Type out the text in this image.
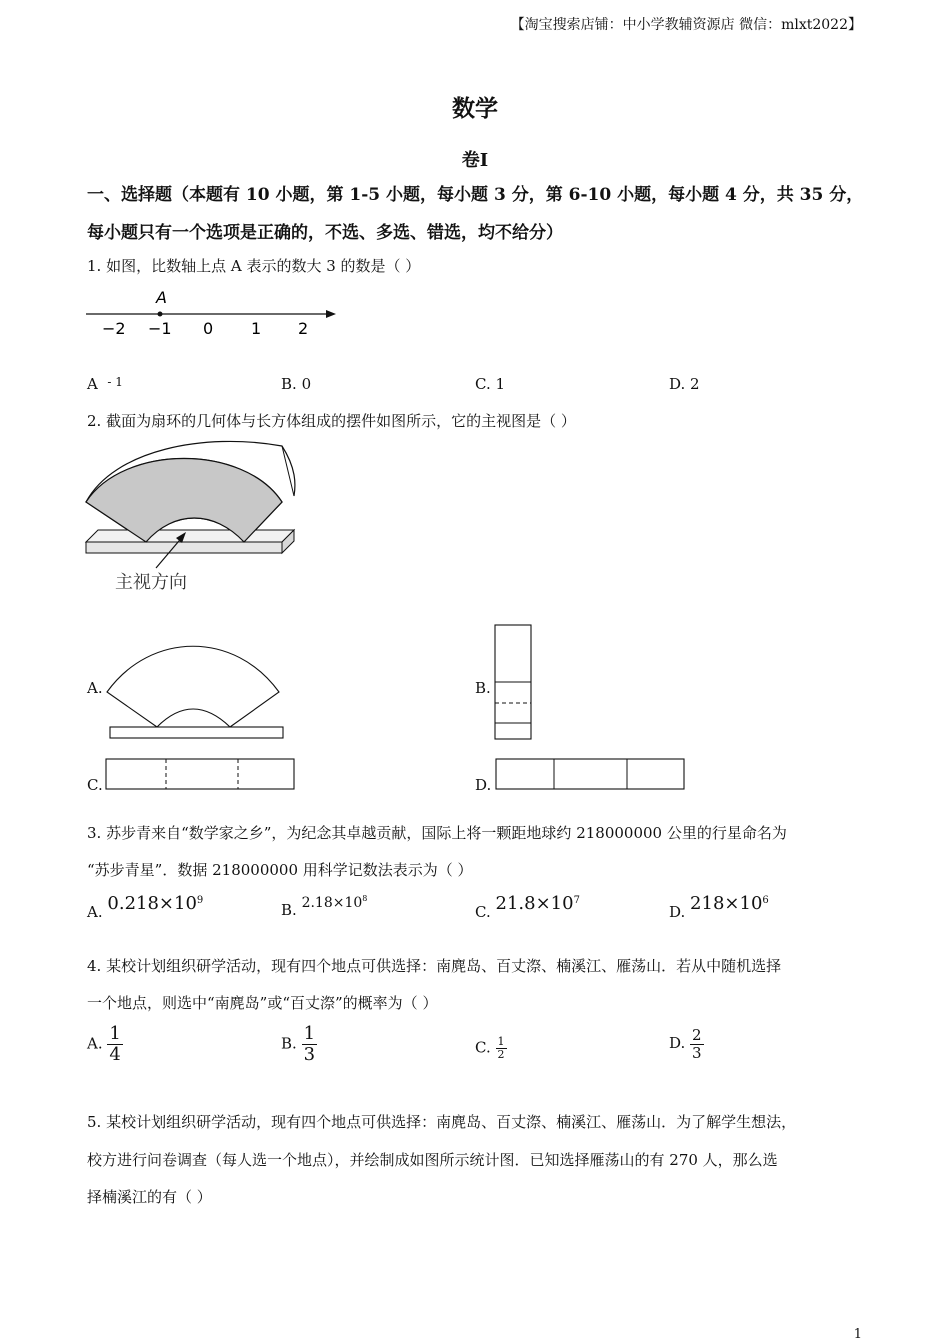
【淘宝搜索店铺：中小学教辅资源店 微信：mlxt2022】
数学
卷Ⅰ
一、选择题（本题有 10 小题，第 1-5 小题，每小题 3 分，第 6-10 小题，每小题 4 分，共 35 分，
每小题只有一个选项是正确的，不选、多选、错选，均不给分）
1. 如图，比数轴上点 A 表示的数大 3 的数是（ ）
A
−2 −1 0 1 2
A $^{- 1}$	B. 0	C. 1	D. 2
2. 截面为扇环的几何体与长方体组成的摆件如图所示，它的主视图是（ ）
主视方向
A.	B.
C.	D.
3. 苏步青来自“数学家之乡”，为纪念其卓越贡献，国际上将一颗距地球约 218000000 公里的行星命名为
“苏步青星”．数据 218000000 用科学记数法表示为（ ）
A. $0.218\times 10^9$
B. $2.18\times 10^8$
C. $21.8\times 10^7$
D. $218\times 10^6$
4. 某校计划组织研学活动，现有四个地点可供选择：南麂岛、百丈漈、楠溪江、雁荡山．若从中随机选择
一个地点，则选中“南麂岛”或“百丈漈”的概率为（ ）
A. $\frac{1}{4}$	B. $\frac{1}{3}$	C. $\frac{1}{2}$	D. $\frac{2}{3}$
5. 某校计划组织研学活动，现有四个地点可供选择：南麂岛、百丈漈、楠溪江、雁荡山．为了解学生想法，
校方进行问卷调查（每人选一个地点），并绘制成如图所示统计图．已知选择雁荡山的有 270 人，那么选
择楠溪江的有（ ）
1
